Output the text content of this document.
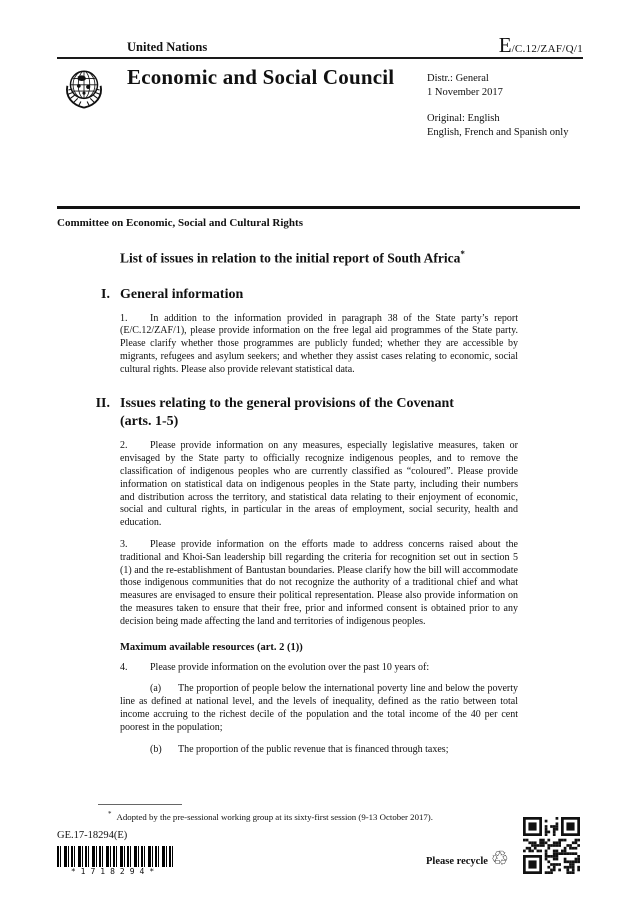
United Nations	E/C.12/ZAF/Q/1
Economic and Social Council	Distr.: General
1 November 2017
Original: English
English, French and Spanish only
Committee on Economic, Social and Cultural Rights
List of issues in relation to the initial report of South Africa*
I. General information

1. In addition to the information provided in paragraph 38 of the State party’s report (E/C.12/ZAF/1), please provide information on the free legal aid programmes of the State party. Please clarify whether those programmes are publicly funded; whether they are accessible by migrants, refugees and asylum seekers; and whether they assist cases relating to economic, social cultural rights. Please also provide relevant statistical data.

II. Issues relating to the general provisions of the Covenant
(arts. 1-5)

2. Please provide information on any measures, especially legislative measures, taken or envisaged by the State party to officially recognize indigenous peoples, and to remove the classification of indigenous peoples who are currently classified as “coloured”. Please provide information on statistical data on indigenous peoples in the State party, including their numbers and distribution across the territory, and statistical data relating to their enjoyment of economic, social and cultural rights, in particular in the areas of employment, social security, health and education.

3. Please provide information on the efforts made to address concerns raised about the traditional and Khoi-San leadership bill regarding the criteria for recognition set out in section 5 (1) and the re-establishment of Bantustan boundaries. Please clarify how the bill will accommodate those indigenous communities that do not recognize the authority of a traditional chief and what measures are envisaged to ensure their political representation. Please also provide information on the measures taken to ensure that their free, prior and informed consent is obtained prior to any decision being made affecting the land and territories of indigenous peoples.

Maximum available resources (art. 2 (1))

4. Please provide information on the evolution over the past 10 years of:

(a) The proportion of people below the international poverty line and below the poverty line as defined at national level, and the levels of inequality, defined as the ratio between total income accruing to the richest decile of the population and the total income of the 40 per cent poorest in the population;

(b) The proportion of the public revenue that is financed through taxes;

* Adopted by the pre-sessional working group at its sixty-first session (9-13 October 2017).
GE.17-18294(E)
*1718294*
Please recycle ♲
